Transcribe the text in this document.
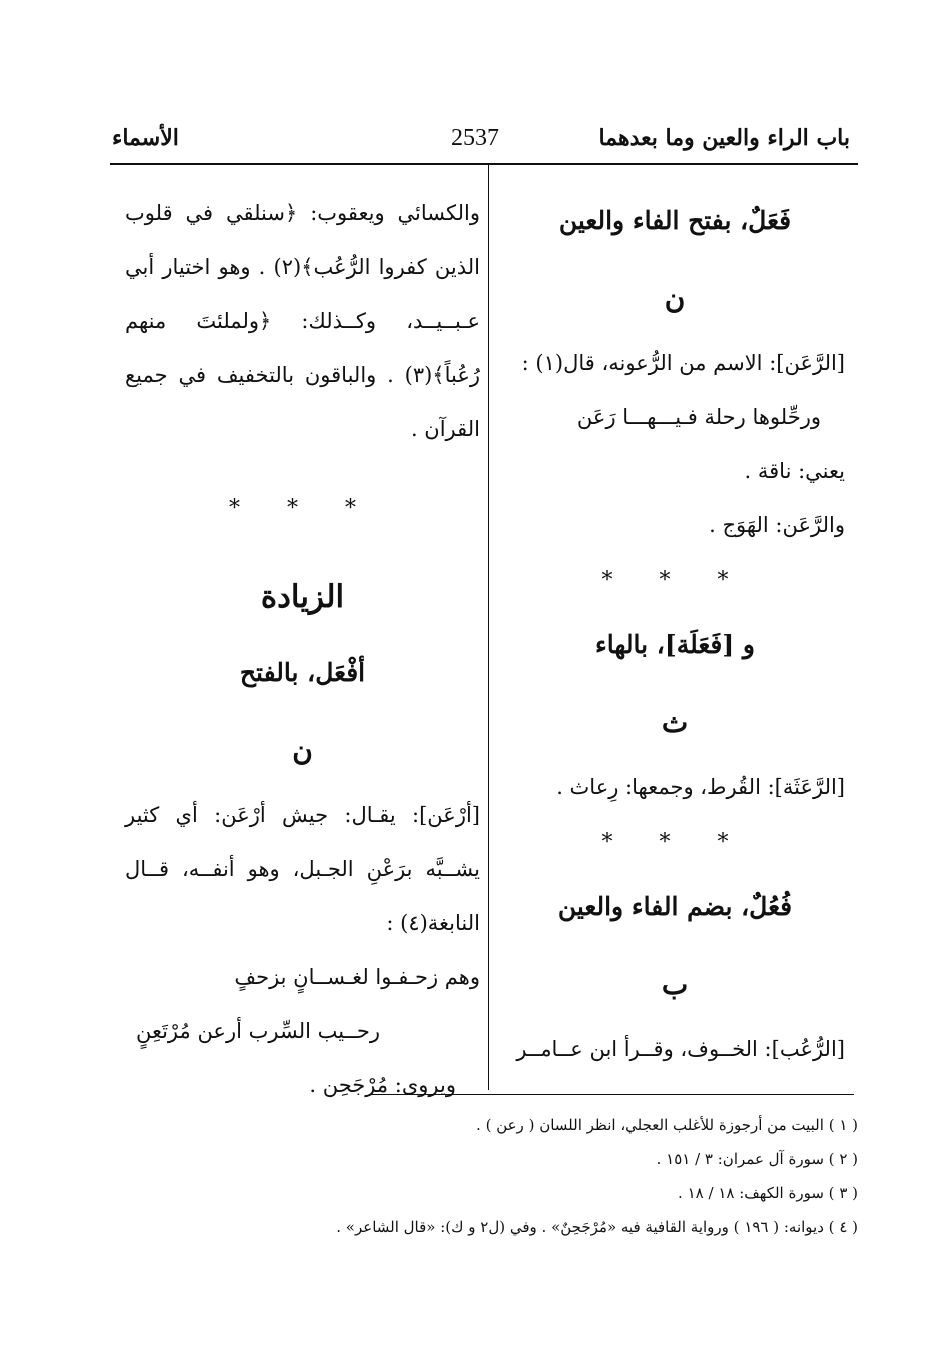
باب الراء والعين وما بعدهما
2537
الأسماء
فَعَلٌ، بفتح الفاء والعين
ن
[الرَّعَن]: الاسم من الرُّعونه، قال(١) :
ورحِّلوها رحلة فـيـــهـــا رَعَن
يعني: ناقة .
والرَّعَن: الهَوَج .
* * *
و [فَعَلَة]، بالهاء
ث
[الرَّعَثَة]: القُرط، وجمعها: رِعاث .
* * *
فُعُلٌ، بضم الفاء والعين
ب
[الرُّعُب]: الخــوف، وقــرأ ابن عــامــر
والكسائي ويعقوب: ﴿سنلقي في قلوب
الذين كفروا الرُّعُب﴾(٢) . وهو اختيار أبي
عـبــيــد، وكــذلك: ﴿ولملئتَ منهم
رُعُباً﴾(٣) . والباقون بالتخفيف في جميع
القرآن .
* * *
الزيادة
أفْعَل، بالفتح
ن
[أرْعَن]: يقـال: جيش أرْعَن: أي كثير
يشــبَّه برَعْنِ الجـبل، وهو أنفــه، قــال
النابغة(٤) :
وهم زحـفـوا لغـســانٍ بزحفٍ
رحــيب السِّرب أرعن مُرْتَعِنٍ
ويروى: مُرْجَحِن .
( ١ ) البيت من أرجوزة للأغلب العجلي، انظر اللسان ( رعن ) .
( ٢ ) سورة آل عمران: ٣ / ١٥١ .
( ٣ ) سورة الكهف: ١٨ / ١٨ .
( ٤ ) ديوانه: ( ١٩٦ ) ورواية القافية فيه «مُرْجَحِنٌ» . وفي (ل٢ و ك): «قال الشاعر» .
